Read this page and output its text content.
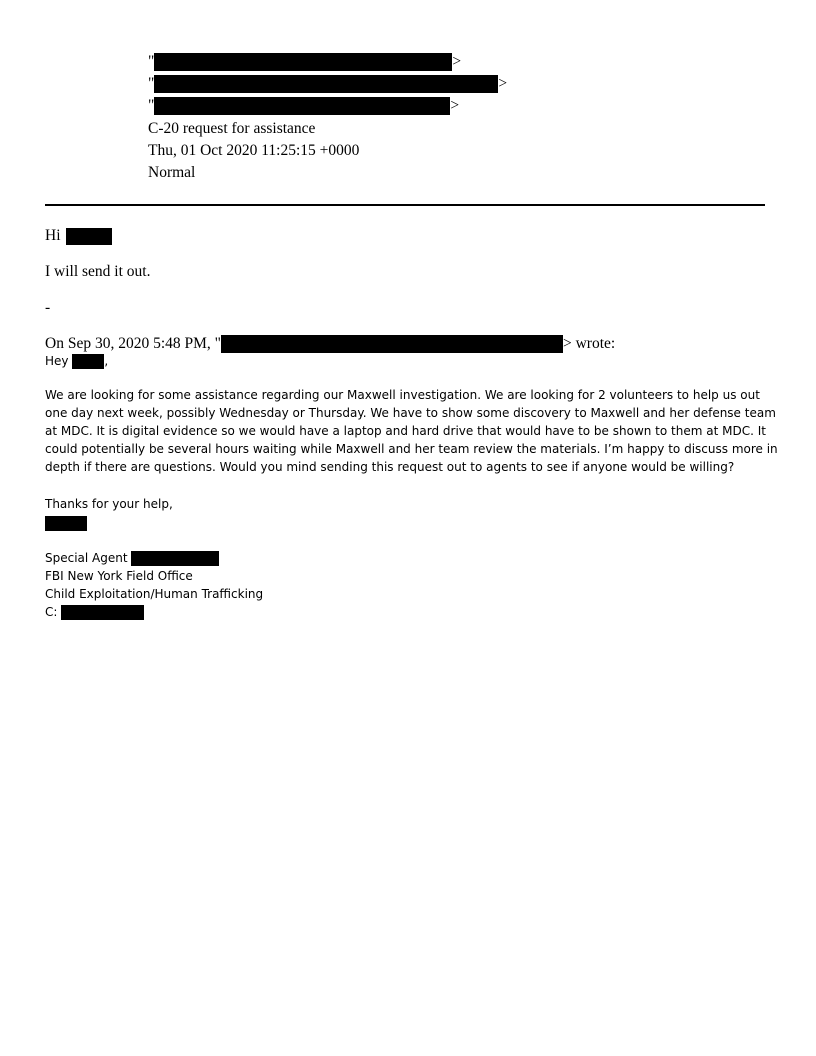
"	>
"	>
"	>
C-20 request for assistance
Thu, 01 Oct 2020 11:25:15 +0000
Normal
Hi
I will send it out.
-
On Sep 30, 2020 5:48 PM, "	> wrote:
Hey	,
We are looking for some assistance regarding our Maxwell investigation. We are looking for 2 volunteers to help us out
one day next week, possibly Wednesday or Thursday. We have to show some discovery to Maxwell and her defense team
at MDC. It is digital evidence so we would have a laptop and hard drive that would have to be shown to them at MDC. It
could potentially be several hours waiting while Maxwell and her team review the materials. I’m happy to discuss more in
depth if there are questions. Would you mind sending this request out to agents to see if anyone would be willing?
Thanks for your help,
Special Agent
FBI New York Field Office
Child Exploitation/Human Trafficking
C:
